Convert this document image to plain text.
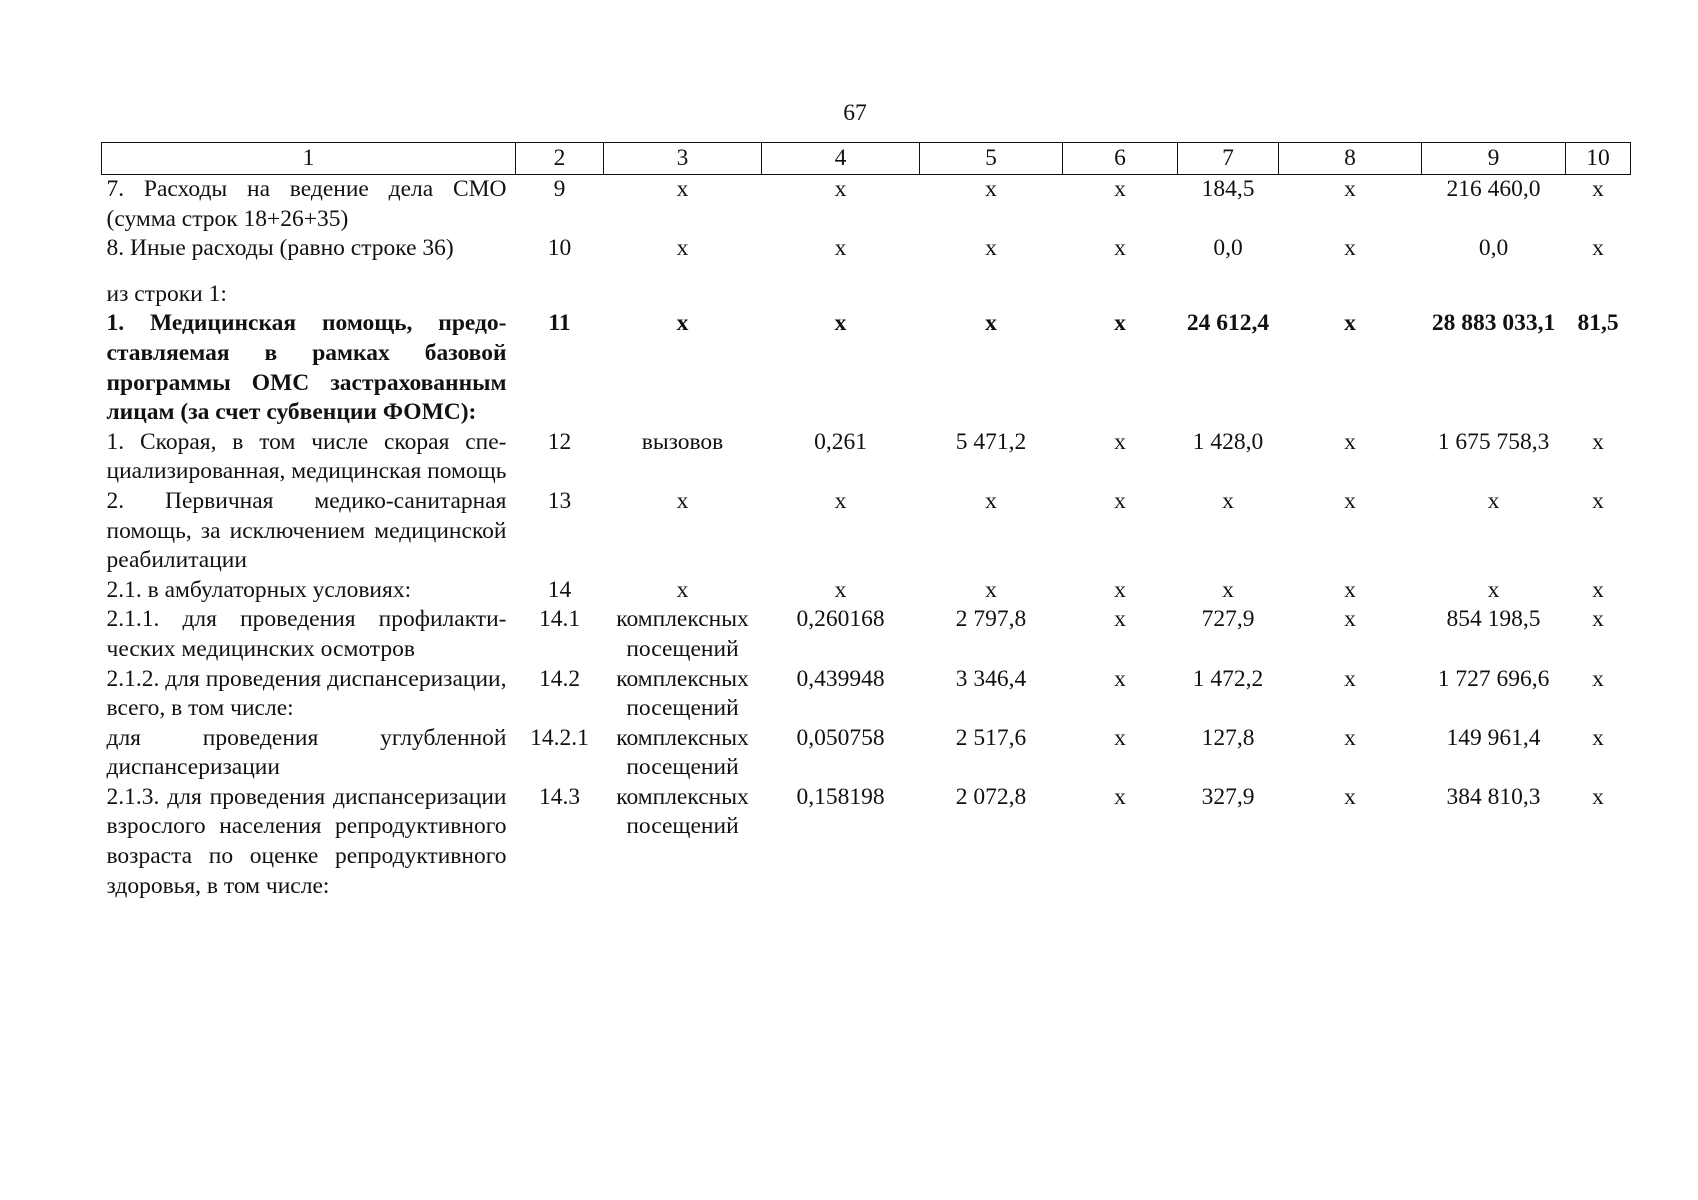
67
1	2	3	4	5	6	7	8	9	10
7. Расходы на ведение дела СМО (сумма строк 18+26+35)	9	х	х	х	х	184,5	х	216 460,0	х
8. Иные расходы (равно строке 36)	10	х	х	х	х	0,0	х	0,0	х
из строки 1:									
1. Медицинская помощь, предоставляемая в рамках базовой программы ОМС застрахованным лицам (за счет субвенции ФОМС):	11	х	х	х	х	24 612,4	х	28 883 033,1	81,5
1. Скорая, в том числе скорая специализированная, медицинская помощь	12	вызовов	0,261	5 471,2	х	1 428,0	х	1 675 758,3	х
2. Первичная медико-санитарная помощь, за исключением медицинской реабилитации	13	х	х	х	х	х	х	х	х
2.1. в амбулаторных условиях:	14	х	х	х	х	х	х	х	х
2.1.1. для проведения профилактических медицинских осмотров	14.1	комплексных посещений	0,260168	2 797,8	х	727,9	х	854 198,5	х
2.1.2. для проведения диспансеризации, всего, в том числе:	14.2	комплексных посещений	0,439948	3 346,4	х	1 472,2	х	1 727 696,6	х
для проведения углубленной диспансеризации	14.2.1	комплексных посещений	0,050758	2 517,6	х	127,8	х	149 961,4	х
2.1.3. для проведения диспансеризации взрослого населения репродуктивного возраста по оценке репродуктивного здоровья, в том числе:	14.3	комплексных посещений	0,158198	2 072,8	х	327,9	х	384 810,3	х
